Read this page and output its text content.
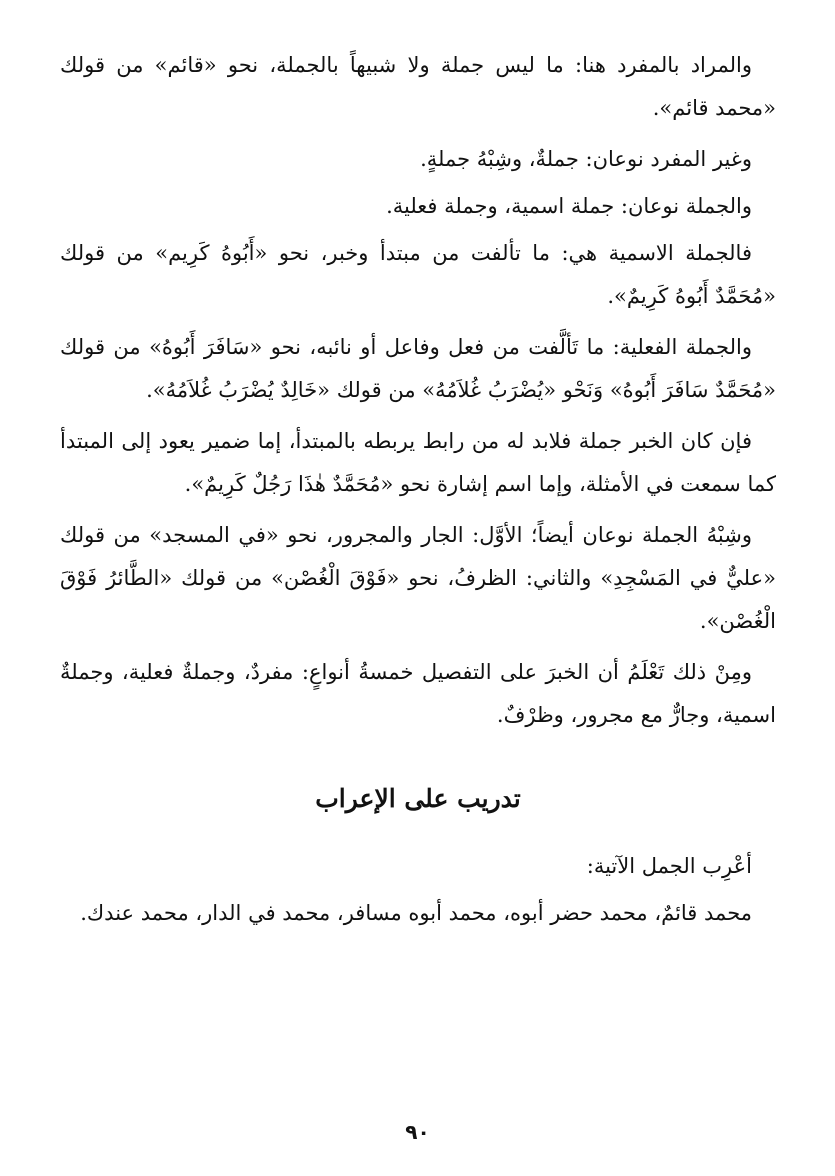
والمراد بالمفرد هنا: ما ليس جملة ولا شبيهاً بالجملة، نحو «قائم» من قولك «محمد قائم».

وغير المفرد نوعان: جملةٌ، وشِبْهُ جملةٍ.

والجملة نوعان: جملة اسمية، وجملة فعلية.

فالجملة الاسمية هي: ما تألفت من مبتدأ وخبر، نحو «أَبُوهُ كَرِيم» من قولك «مُحَمَّدٌ أَبُوهُ كَرِيمٌ».

والجملة الفعلية: ما تَألَّفت من فعل وفاعل أو نائبه، نحو «سَافَرَ أَبُوهُ» من قولك «مُحَمَّدٌ سَافَرَ أَبُوهُ» وَنَحْو «يُضْرَبُ غُلاَمُهُ» من قولك «خَالِدٌ يُضْرَبُ غُلاَمُهُ».

فإن كان الخبر جملة فلابد له من رابط يربطه بالمبتدأ، إما ضمير يعود إلى المبتدأ كما سمعت في الأمثلة، وإما اسم إشارة نحو «مُحَمَّدٌ هٰذَا رَجُلٌ كَرِيمٌ».

وشِبْهُ الجملة نوعان أيضاً؛ الأوَّل: الجار والمجرور، نحو «في المسجد» من قولك «عليٌّ في المَسْجِدِ» والثاني: الظرفُ، نحو «فَوْقَ الْغُصْن» من قولك «الطَّائرُ فَوْقَ الْغُصْن».

ومِنْ ذلك تَعْلَمُ أن الخبرَ على التفصيل خمسةُ أنواعٍ: مفردٌ، وجملةٌ فعلية، وجملةٌ اسمية، وجارٌّ مع مجرور، وظرْفٌ.

تدريب على الإعراب

أعْرِب الجمل الآتية:

محمد قائمٌ، محمد حضر أبوه، محمد أبوه مسافر، محمد في الدار، محمد عندك.

٩٠
